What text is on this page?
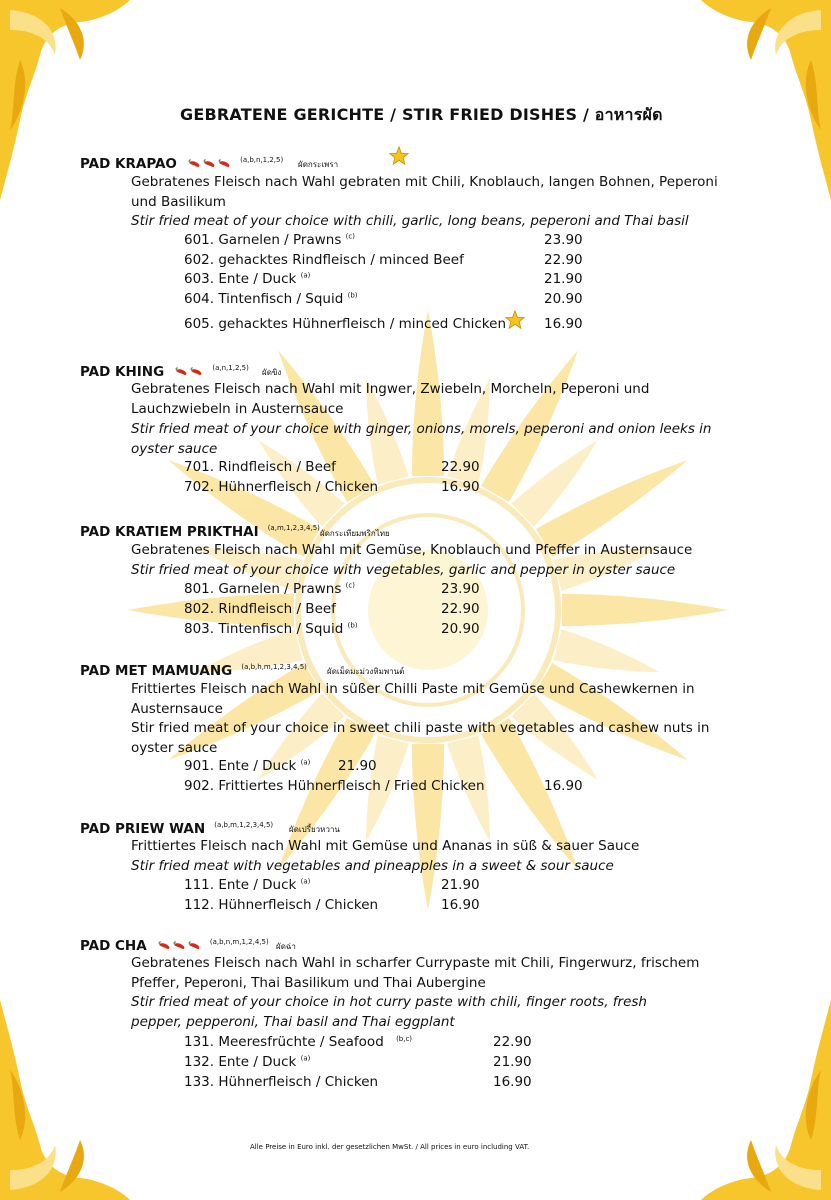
GEBRATENE GERICHTE / STIR FRIED DISHES / อาหารผัด
PAD KRAPAO	$^{(a,b,n,1,2,5)}$ ผัดกระเพรา
Gebratenes Fleisch nach Wahl gebraten mit Chili, Knoblauch, langen Bohnen, Peperoni und Basilikum
Stir fried meat of your choice with chili, garlic, long beans, peperoni and Thai basil
601. Garnelen / Prawns $^{(c)}$	23.90
602. gehacktes Rindfleisch / minced Beef	22.90
603. Ente / Duck $^{(a)}$	21.90
604. Tintenfisch / Squid $^{(b)}$	20.90
605. gehacktes Hühnerfleisch / minced Chicken	16.90
PAD KHING	$^{(a,n,1,2,5)}$ ผัดขิง
Gebratenes Fleisch nach Wahl mit Ingwer, Zwiebeln, Morcheln, Peperoni und Lauchzwiebeln in Austernsauce
Stir fried meat of your choice with ginger, onions, morels, peperoni and onion leeks in oyster sauce
701. Rindfleisch / Beef	22.90
702. Hühnerfleisch / Chicken	16.90
PAD KRATIEM PRIKTHAI $^{(a,m,1,2,3,4,5)}$
ผัดกระเทียมพริกไทย
Gebratenes Fleisch nach Wahl mit Gemüse, Knoblauch und Pfeffer in Austernsauce
Stir fried meat of your choice with vegetables, garlic and pepper in oyster sauce
801. Garnelen / Prawns $^{(c)}$	23.90
802. Rindfleisch / Beef	22.90
803. Tintenfisch / Squid $^{(b)}$	20.90
PAD MET MAMUANG $^{(a,b,h,m,1,2,3,4,5)}$	ผัดเม็ดมะม่วงหิมพานต์
Frittiertes Fleisch nach Wahl in süßer Chilli Paste mit Gemüse und Cashewkernen in Austernsauce
Stir fried meat of your choice in sweet chili paste with vegetables and cashew nuts in oyster sauce
901. Ente / Duck $^{(a)}$ 21.90
902. Frittiertes Hühnerfleisch / Fried Chicken	16.90
PAD PRIEW WAN $^{(a,b,m,1,2,3,4,5)}$ ผัดเปรี้ยวหวาน
Frittiertes Fleisch nach Wahl mit Gemüse und Ananas in süß & sauer Sauce
Stir fried meat with vegetables and pineapples in a sweet & sour sauce
111. Ente / Duck $^{(a)}$	21.90
112. Hühnerfleisch / Chicken	16.90
PAD CHA	$^{(a,b,n,m,1,2,4,5)}$ ผัดฉ่า
Gebratenes Fleisch nach Wahl in scharfer Currypaste mit Chili, Fingerwurz, frischem Pfeffer, Peperoni, Thai Basilikum und Thai Aubergine
Stir fried meat of your choice in hot curry paste with chili, finger roots, fresh pepper, pepperoni, Thai basil and Thai eggplant
131. Meeresfrüchte / Seafood $^{(b,c)}$	22.90
132. Ente / Duck $^{(a)}$	21.90
133. Hühnerfleisch / Chicken	16.90
Alle Preise in Euro inkl. der gesetzlichen MwSt. / All prices in euro including VAT.
